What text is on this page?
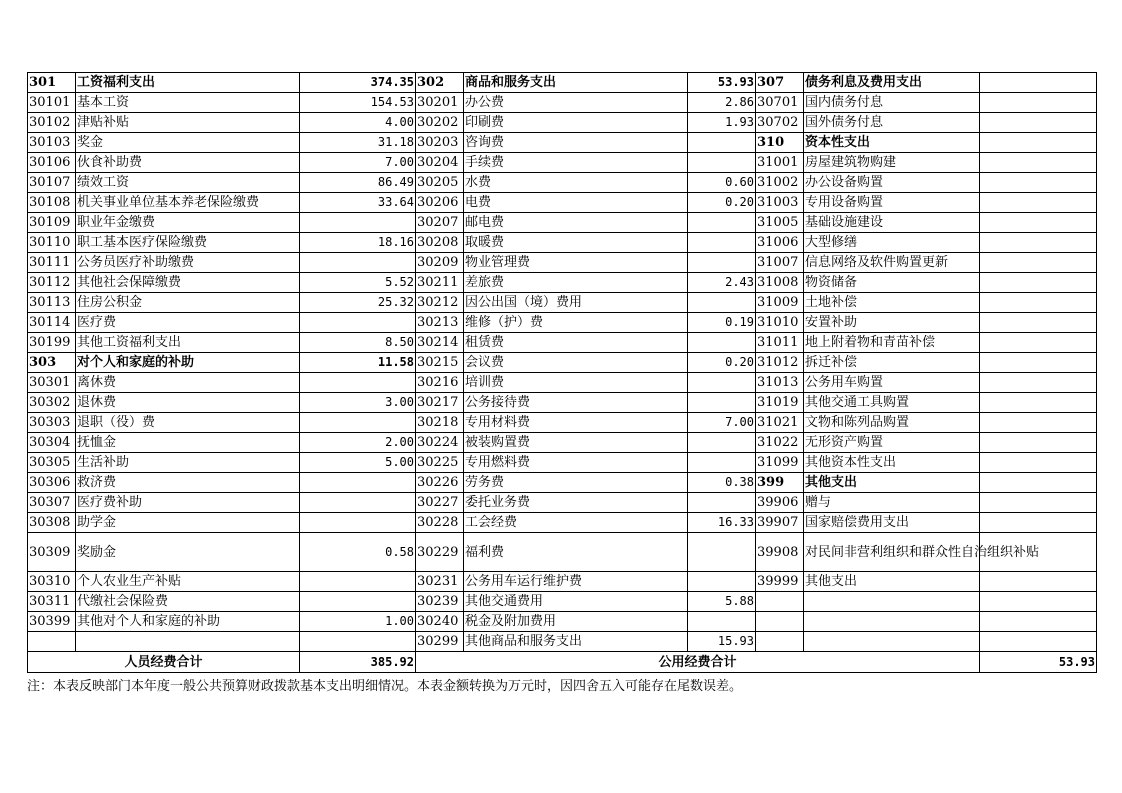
301	工资福利支出	374.35	302	商品和服务支出	53.93	307	债务利息及费用支出	
30101	基本工资	154.53	30201	办公费	2.86	30701	国内债务付息	
30102	津贴补贴	4.00	30202	印刷费	1.93	30702	国外债务付息	
30103	奖金	31.18	30203	咨询费		310	资本性支出	
30106	伙食补助费	7.00	30204	手续费		31001	房屋建筑物购建	
30107	绩效工资	86.49	30205	水费	0.60	31002	办公设备购置	
30108	机关事业单位基本养老保险缴费	33.64	30206	电费	0.20	31003	专用设备购置	
30109	职业年金缴费		30207	邮电费		31005	基础设施建设	
30110	职工基本医疗保险缴费	18.16	30208	取暖费		31006	大型修缮	
30111	公务员医疗补助缴费		30209	物业管理费		31007	信息网络及软件购置更新	
30112	其他社会保障缴费	5.52	30211	差旅费	2.43	31008	物资储备	
30113	住房公积金	25.32	30212	因公出国（境）费用		31009	土地补偿	
30114	医疗费		30213	维修（护）费	0.19	31010	安置补助	
30199	其他工资福利支出	8.50	30214	租赁费		31011	地上附着物和青苗补偿	
303	对个人和家庭的补助	11.58	30215	会议费	0.20	31012	拆迁补偿	
30301	离休费		30216	培训费		31013	公务用车购置	
30302	退休费	3.00	30217	公务接待费		31019	其他交通工具购置	
30303	退职（役）费		30218	专用材料费	7.00	31021	文物和陈列品购置	
30304	抚恤金	2.00	30224	被装购置费		31022	无形资产购置	
30305	生活补助	5.00	30225	专用燃料费		31099	其他资本性支出	
30306	救济费		30226	劳务费	0.38	399	其他支出	
30307	医疗费补助		30227	委托业务费		39906	赠与	
30308	助学金		30228	工会经费	16.33	39907	国家赔偿费用支出	
30309	奖励金	0.58	30229	福利费		39908	对民间非营利组织和群众性自治组织补贴	
30310	个人农业生产补贴		30231	公务用车运行维护费		39999	其他支出	
30311	代缴社会保险费		30239	其他交通费用	5.88			
30399	其他对个人和家庭的补助	1.00	30240	税金及附加费用				
			30299	其他商品和服务支出	15.93			
人员经费合计		385.92	公用经费合计					53.93
注：本表反映部门本年度一般公共预算财政拨款基本支出明细情况。本表金额转换为万元时，因四舍五入可能存在尾数误差。
